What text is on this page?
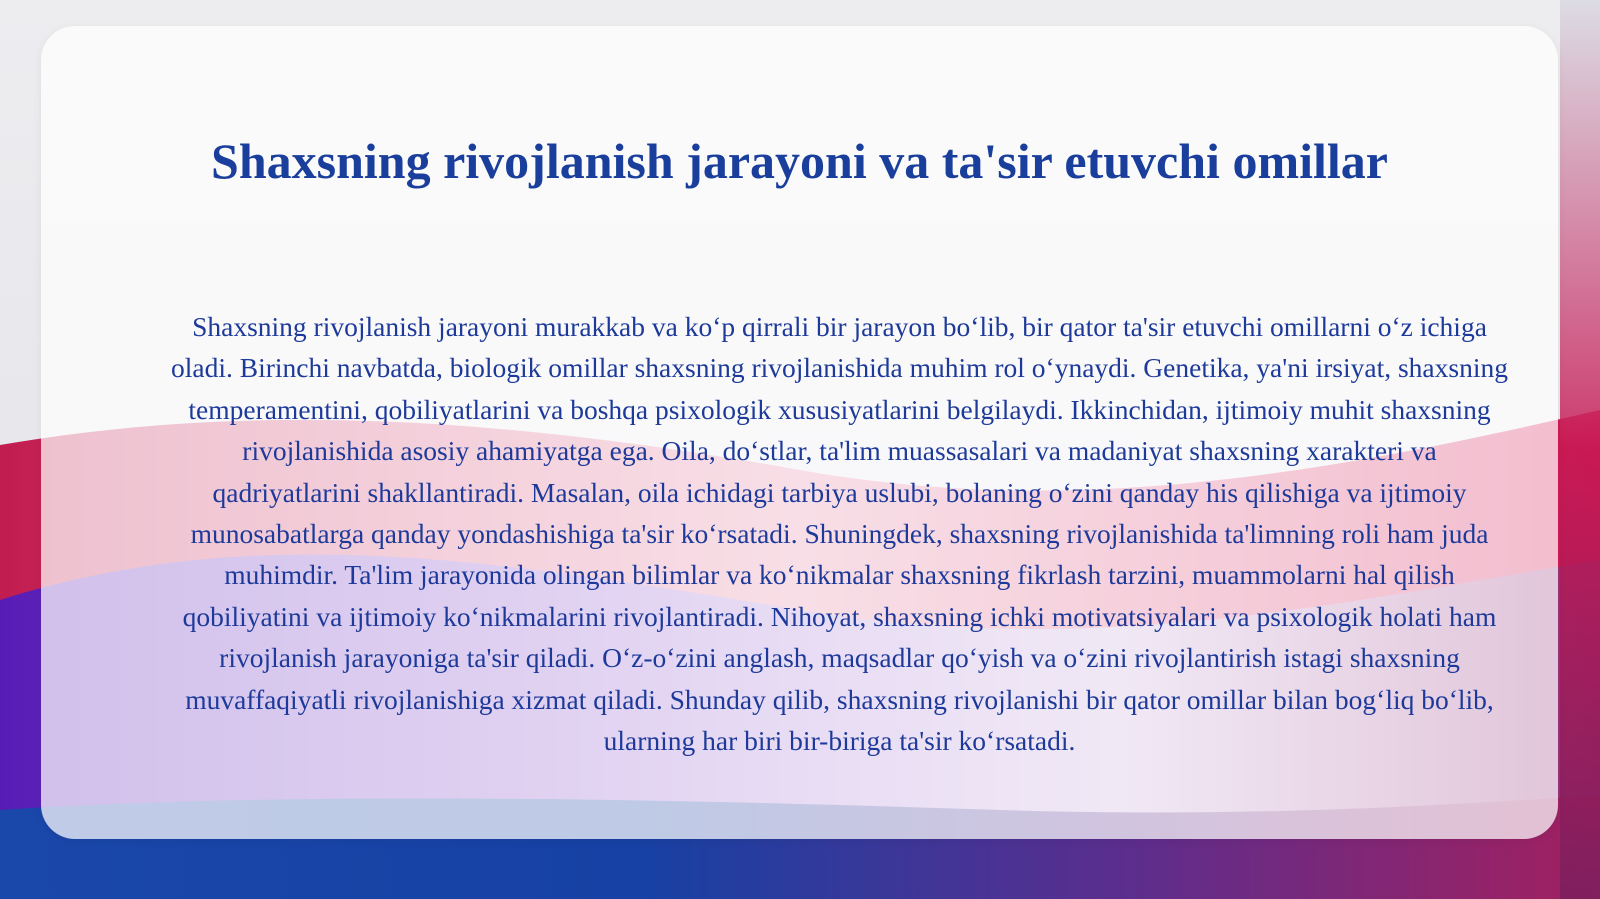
Shaxsning rivojlanish jarayoni va ta'sir etuvchi omillar

Shaxsning rivojlanish jarayoni murakkab va ko‘p qirrali bir jarayon bo‘lib, bir qator ta'sir etuvchi omillarni o‘z ichiga oladi. Birinchi navbatda, biologik omillar shaxsning rivojlanishida muhim rol o‘ynaydi. Genetika, ya'ni irsiyat, shaxsning temperamentini, qobiliyatlarini va boshqa psixologik xususiyatlarini belgilaydi. Ikkinchidan, ijtimoiy muhit shaxsning rivojlanishida asosiy ahamiyatga ega. Oila, do‘stlar, ta'lim muassasalari va madaniyat shaxsning xarakteri va qadriyatlarini shakllantiradi. Masalan, oila ichidagi tarbiya uslubi, bolaning o‘zini qanday his qilishiga va ijtimoiy munosabatlarga qanday yondashishiga ta'sir ko‘rsatadi. Shuningdek, shaxsning rivojlanishida ta'limning roli ham juda muhimdir. Ta'lim jarayonida olingan bilimlar va ko‘nikmalar shaxsning fikrlash tarzini, muammolarni hal qilish qobiliyatini va ijtimoiy ko‘nikmalarini rivojlantiradi. Nihoyat, shaxsning ichki motivatsiyalari va psixologik holati ham rivojlanish jarayoniga ta'sir qiladi. O‘z-o‘zini anglash, maqsadlar qo‘yish va o‘zini rivojlantirish istagi shaxsning muvaffaqiyatli rivojlanishiga xizmat qiladi. Shunday qilib, shaxsning rivojlanishi bir qator omillar bilan bog‘liq bo‘lib, ularning har biri bir-biriga ta'sir ko‘rsatadi.
